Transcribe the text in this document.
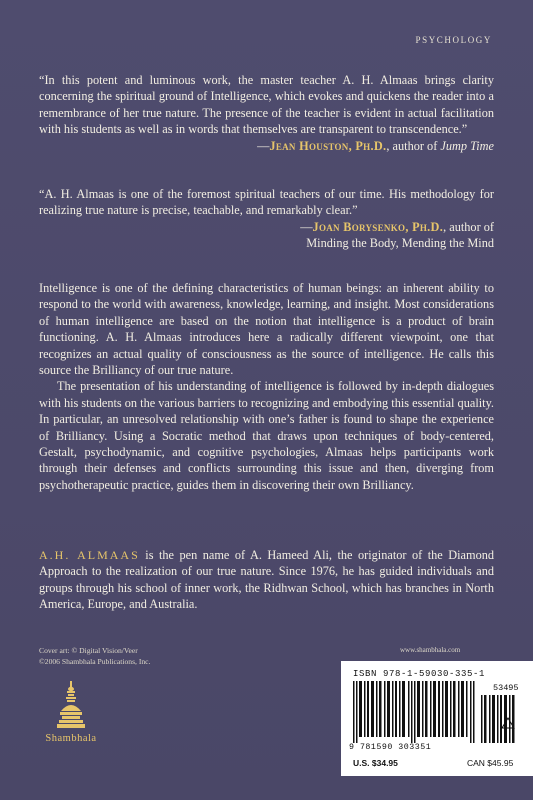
PSYCHOLOGY
“In this potent and luminous work, the master teacher A. H. Almaas brings clarity concerning the spiritual ground of Intelligence, which evokes and quickens the reader into a remembrance of her true nature. The presence of the teacher is evident in actual facilitation with his students as well as in words that themselves are transparent to transcendence.”
—Jean Houston, Ph.D., author of Jump Time
“A. H. Almaas is one of the foremost spiritual teachers of our time. His methodology for realizing true nature is precise, teachable, and remarkably clear.”
—Joan Borysenko, Ph.D., author of
Minding the Body, Mending the Mind

Intelligence is one of the defining characteristics of human beings: an inherent ability to respond to the world with awareness, knowledge, learning, and insight. Most considerations of human intelligence are based on the notion that intelligence is a product of brain functioning. A. H. Almaas introduces here a radically different viewpoint, one that recognizes an actual quality of consciousness as the source of intelligence. He calls this source the Brilliancy of our true nature.

The presentation of his understanding of intelligence is followed by in-depth dialogues with his students on the various barriers to recognizing and embodying this essential quality. In particular, an unresolved relationship with one’s father is found to shape the experience of Brilliancy. Using a Socratic method that draws upon techniques of body-centered, Gestalt, psychodynamic, and cognitive psychologies, Almaas helps participants work through their defenses and conflicts surrounding this issue and then, diverging from psychotherapeutic practice, guides them in discovering their own Brilliancy.

A.H. ALMAAS is the pen name of A. Hameed Ali, the originator of the Diamond Approach to the realization of our true nature. Since 1976, he has guided individuals and groups through his school of inner work, the Ridhwan School, which has branches in North America, Europe, and Australia.
Cover art: © Digital Vision/Veer
©2006 Shambhala Publications, Inc.
www.shambhala.com
Shambhala
ISBN 978-1-59030-335-1
53495
9 781590 303351
U.S. $34.95	CAN $45.95
